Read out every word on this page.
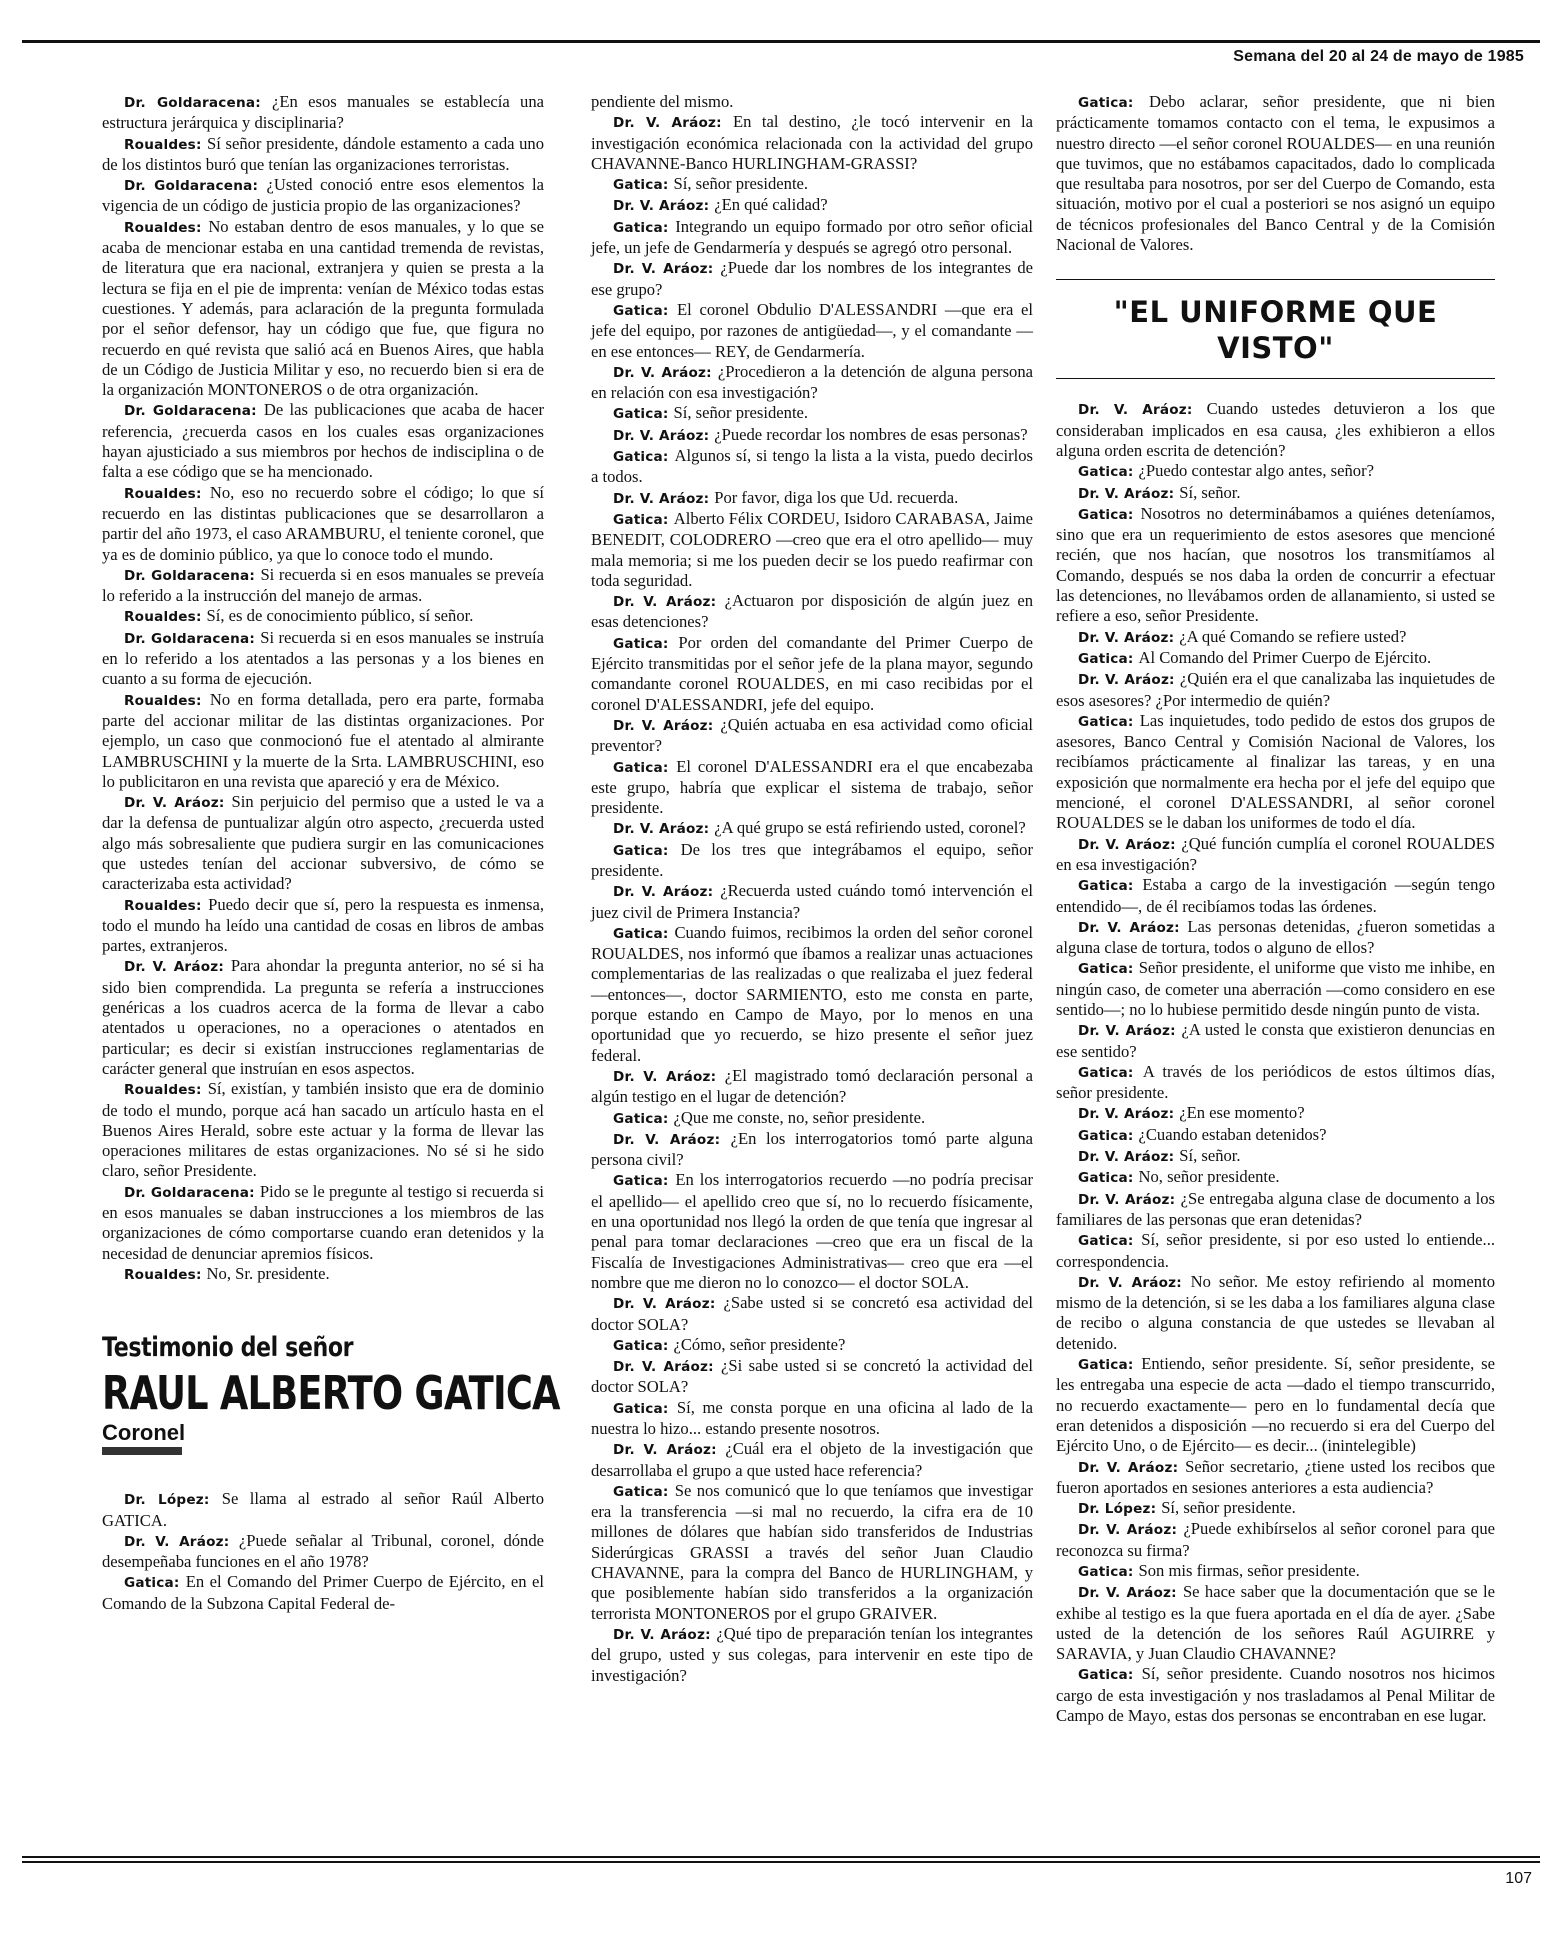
Semana del 20 al 24 de mayo de 1985

Dr. Goldaracena: ¿En esos manuales se establecía una estructura jerárquica y disciplinaria?

Roualdes: Sí señor presidente, dándole estamento a cada uno de los distintos buró que tenían las organizaciones terroristas.

Dr. Goldaracena: ¿Usted conoció entre esos elementos la vigencia de un código de justicia propio de las organizaciones?

Roualdes: No estaban dentro de esos manuales, y lo que se acaba de mencionar estaba en una cantidad tremenda de revistas, de literatura que era nacional, extranjera y quien se presta a la lectura se fija en el pie de imprenta: venían de México todas estas cuestiones. Y además, para aclaración de la pregunta formulada por el señor defensor, hay un código que fue, que figura no recuerdo en qué revista que salió acá en Buenos Aires, que habla de un Código de Justicia Militar y eso, no recuerdo bien si era de la organización MONTONEROS o de otra organización.

Dr. Goldaracena: De las publicaciones que acaba de hacer referencia, ¿recuerda casos en los cuales esas organizaciones hayan ajusticiado a sus miembros por hechos de indisciplina o de falta a ese código que se ha mencionado.

Roualdes: No, eso no recuerdo sobre el código; lo que sí recuerdo en las distintas publicaciones que se desarrollaron a partir del año 1973, el caso ARAMBURU, el teniente coronel, que ya es de dominio público, ya que lo conoce todo el mundo.

Dr. Goldaracena: Si recuerda si en esos manuales se preveía lo referido a la instrucción del manejo de armas.

Roualdes: Sí, es de conocimiento público, sí señor.

Dr. Goldaracena: Si recuerda si en esos manuales se instruía en lo referido a los atentados a las personas y a los bienes en cuanto a su forma de ejecución.

Roualdes: No en forma detallada, pero era parte, formaba parte del accionar militar de las distintas organizaciones. Por ejemplo, un caso que conmocionó fue el atentado al almirante LAMBRUSCHINI y la muerte de la Srta. LAMBRUSCHINI, eso lo publicitaron en una revista que apareció y era de México.

Dr. V. Aráoz: Sin perjuicio del permiso que a usted le va a dar la defensa de puntualizar algún otro aspecto, ¿recuerda usted algo más sobresaliente que pudiera surgir en las comunicaciones que ustedes tenían del accionar subversivo, de cómo se caracterizaba esta actividad?

Roualdes: Puedo decir que sí, pero la respuesta es inmensa, todo el mundo ha leído una cantidad de cosas en libros de ambas partes, extranjeros.

Dr. V. Aráoz: Para ahondar la pregunta anterior, no sé si ha sido bien comprendida. La pregunta se refería a instrucciones genéricas a los cuadros acerca de la forma de llevar a cabo atentados u operaciones, no a operaciones o atentados en particular; es decir si existían instrucciones reglamentarias de carácter general que instruían en esos aspectos.

Roualdes: Sí, existían, y también insisto que era de dominio de todo el mundo, porque acá han sacado un artículo hasta en el Buenos Aires Herald, sobre este actuar y la forma de llevar las operaciones militares de estas organizaciones. No sé si he sido claro, señor Presidente.

Dr. Goldaracena: Pido se le pregunte al testigo si recuerda si en esos manuales se daban instrucciones a los miembros de las organizaciones de cómo comportarse cuando eran detenidos y la necesidad de denunciar apremios físicos.

Roualdes: No, Sr. presidente.

Testimonio del señor
RAUL ALBERTO GATICA
Coronel

Dr. López: Se llama al estrado al señor Raúl Alberto GATICA.

Dr. V. Aráoz: ¿Puede señalar al Tribunal, coronel, dónde desempeñaba funciones en el año 1978?

Gatica: En el Comando del Primer Cuerpo de Ejército, en el Comando de la Subzona Capital Federal de-

pendiente del mismo.

Dr. V. Aráoz: En tal destino, ¿le tocó intervenir en la investigación económica relacionada con la actividad del grupo CHAVANNE-Banco HURLINGHAM-GRASSI?

Gatica: Sí, señor presidente.

Dr. V. Aráoz: ¿En qué calidad?

Gatica: Integrando un equipo formado por otro señor oficial jefe, un jefe de Gendarmería y después se agregó otro personal.

Dr. V. Aráoz: ¿Puede dar los nombres de los integrantes de ese grupo?

Gatica: El coronel Obdulio D'ALESSANDRI —que era el jefe del equipo, por razones de antigüedad—, y el comandante —en ese entonces— REY, de Gendarmería.

Dr. V. Aráoz: ¿Procedieron a la detención de alguna persona en relación con esa investigación?

Gatica: Sí, señor presidente.

Dr. V. Aráoz: ¿Puede recordar los nombres de esas personas?

Gatica: Algunos sí, si tengo la lista a la vista, puedo decirlos a todos.

Dr. V. Aráoz: Por favor, diga los que Ud. recuerda.

Gatica: Alberto Félix CORDEU, Isidoro CARABASA, Jaime BENEDIT, COLODRERO —creo que era el otro apellido— muy mala memoria; si me los pueden decir se los puedo reafirmar con toda seguridad.

Dr. V. Aráoz: ¿Actuaron por disposición de algún juez en esas detenciones?

Gatica: Por orden del comandante del Primer Cuerpo de Ejército transmitidas por el señor jefe de la plana mayor, segundo comandante coronel ROUALDES, en mi caso recibidas por el coronel D'ALESSANDRI, jefe del equipo.

Dr. V. Aráoz: ¿Quién actuaba en esa actividad como oficial preventor?

Gatica: El coronel D'ALESSANDRI era el que encabezaba este grupo, habría que explicar el sistema de trabajo, señor presidente.

Dr. V. Aráoz: ¿A qué grupo se está refiriendo usted, coronel?

Gatica: De los tres que integrábamos el equipo, señor presidente.

Dr. V. Aráoz: ¿Recuerda usted cuándo tomó intervención el juez civil de Primera Instancia?

Gatica: Cuando fuimos, recibimos la orden del señor coronel ROUALDES, nos informó que íbamos a realizar unas actuaciones complementarias de las realizadas o que realizaba el juez federal —entonces—, doctor SARMIENTO, esto me consta en parte, porque estando en Campo de Mayo, por lo menos en una oportunidad que yo recuerdo, se hizo presente el señor juez federal.

Dr. V. Aráoz: ¿El magistrado tomó declaración personal a algún testigo en el lugar de detención?

Gatica: ¿Que me conste, no, señor presidente.

Dr. V. Aráoz: ¿En los interrogatorios tomó parte alguna persona civil?

Gatica: En los interrogatorios recuerdo —no podría precisar el apellido— el apellido creo que sí, no lo recuerdo físicamente, en una oportunidad nos llegó la orden de que tenía que ingresar al penal para tomar declaraciones —creo que era un fiscal de la Fiscalía de Investigaciones Administrativas— creo que era —el nombre que me dieron no lo conozco— el doctor SOLA.

Dr. V. Aráoz: ¿Sabe usted si se concretó esa actividad del doctor SOLA?

Gatica: ¿Cómo, señor presidente?

Dr. V. Aráoz: ¿Si sabe usted si se concretó la actividad del doctor SOLA?

Gatica: Sí, me consta porque en una oficina al lado de la nuestra lo hizo... estando presente nosotros.

Dr. V. Aráoz: ¿Cuál era el objeto de la investigación que desarrollaba el grupo a que usted hace referencia?

Gatica: Se nos comunicó que lo que teníamos que investigar era la transferencia —si mal no recuerdo, la cifra era de 10 millones de dólares que habían sido transferidos de Industrias Siderúrgicas GRASSI a través del señor Juan Claudio CHAVANNE, para la compra del Banco de HURLINGHAM, y que posiblemente habían sido transferidos a la organización terrorista MONTONEROS por el grupo GRAIVER.

Dr. V. Aráoz: ¿Qué tipo de preparación tenían los integrantes del grupo, usted y sus colegas, para intervenir en este tipo de investigación?

Gatica: Debo aclarar, señor presidente, que ni bien prácticamente tomamos contacto con el tema, le expusimos a nuestro directo —el señor coronel ROUALDES— en una reunión que tuvimos, que no estábamos capacitados, dado lo complicada que resultaba para nosotros, por ser del Cuerpo de Comando, esta situación, motivo por el cual a posteriori se nos asignó un equipo de técnicos profesionales del Banco Central y de la Comisión Nacional de Valores.

"EL UNIFORME QUE VISTO"

Dr. V. Aráoz: Cuando ustedes detuvieron a los que consideraban implicados en esa causa, ¿les exhibieron a ellos alguna orden escrita de detención?

Gatica: ¿Puedo contestar algo antes, señor?

Dr. V. Aráoz: Sí, señor.

Gatica: Nosotros no determinábamos a quiénes deteníamos, sino que era un requerimiento de estos asesores que mencioné recién, que nos hacían, que nosotros los transmitíamos al Comando, después se nos daba la orden de concurrir a efectuar las detenciones, no llevábamos orden de allanamiento, si usted se refiere a eso, señor Presidente.

Dr. V. Aráoz: ¿A qué Comando se refiere usted?

Gatica: Al Comando del Primer Cuerpo de Ejército.

Dr. V. Aráoz: ¿Quién era el que canalizaba las inquietudes de esos asesores? ¿Por intermedio de quién?

Gatica: Las inquietudes, todo pedido de estos dos grupos de asesores, Banco Central y Comisión Nacional de Valores, los recibíamos prácticamente al finalizar las tareas, y en una exposición que normalmente era hecha por el jefe del equipo que mencioné, el coronel D'ALESSANDRI, al señor coronel ROUALDES se le daban los uniformes de todo el día.

Dr. V. Aráoz: ¿Qué función cumplía el coronel ROUALDES en esa investigación?

Gatica: Estaba a cargo de la investigación —según tengo entendido—, de él recibíamos todas las órdenes.

Dr. V. Aráoz: Las personas detenidas, ¿fueron sometidas a alguna clase de tortura, todos o alguno de ellos?

Gatica: Señor presidente, el uniforme que visto me inhibe, en ningún caso, de cometer una aberración —como considero en ese sentido—; no lo hubiese permitido desde ningún punto de vista.

Dr. V. Aráoz: ¿A usted le consta que existieron denuncias en ese sentido?

Gatica: A través de los periódicos de estos últimos días, señor presidente.

Dr. V. Aráoz: ¿En ese momento?

Gatica: ¿Cuando estaban detenidos?

Dr. V. Aráoz: Sí, señor.

Gatica: No, señor presidente.

Dr. V. Aráoz: ¿Se entregaba alguna clase de documento a los familiares de las personas que eran detenidas?

Gatica: Sí, señor presidente, si por eso usted lo entiende... correspondencia.

Dr. V. Aráoz: No señor. Me estoy refiriendo al momento mismo de la detención, si se les daba a los familiares alguna clase de recibo o alguna constancia de que ustedes se llevaban al detenido.

Gatica: Entiendo, señor presidente. Sí, señor presidente, se les entregaba una especie de acta —dado el tiempo transcurrido, no recuerdo exactamente— pero en lo fundamental decía que eran detenidos a disposición —no recuerdo si era del Cuerpo del Ejército Uno, o de Ejército— es decir... (inintelegible)

Dr. V. Aráoz: Señor secretario, ¿tiene usted los recibos que fueron aportados en sesiones anteriores a esta audiencia?

Dr. López: Sí, señor presidente.

Dr. V. Aráoz: ¿Puede exhibírselos al señor coronel para que reconozca su firma?

Gatica: Son mis firmas, señor presidente.

Dr. V. Aráoz: Se hace saber que la documentación que se le exhibe al testigo es la que fuera aportada en el día de ayer. ¿Sabe usted de la detención de los señores Raúl AGUIRRE y SARAVIA, y Juan Claudio CHAVANNE?

Gatica: Sí, señor presidente. Cuando nosotros nos hicimos cargo de esta investigación y nos trasladamos al Penal Militar de Campo de Mayo, estas dos personas se encontraban en ese lugar.

107
